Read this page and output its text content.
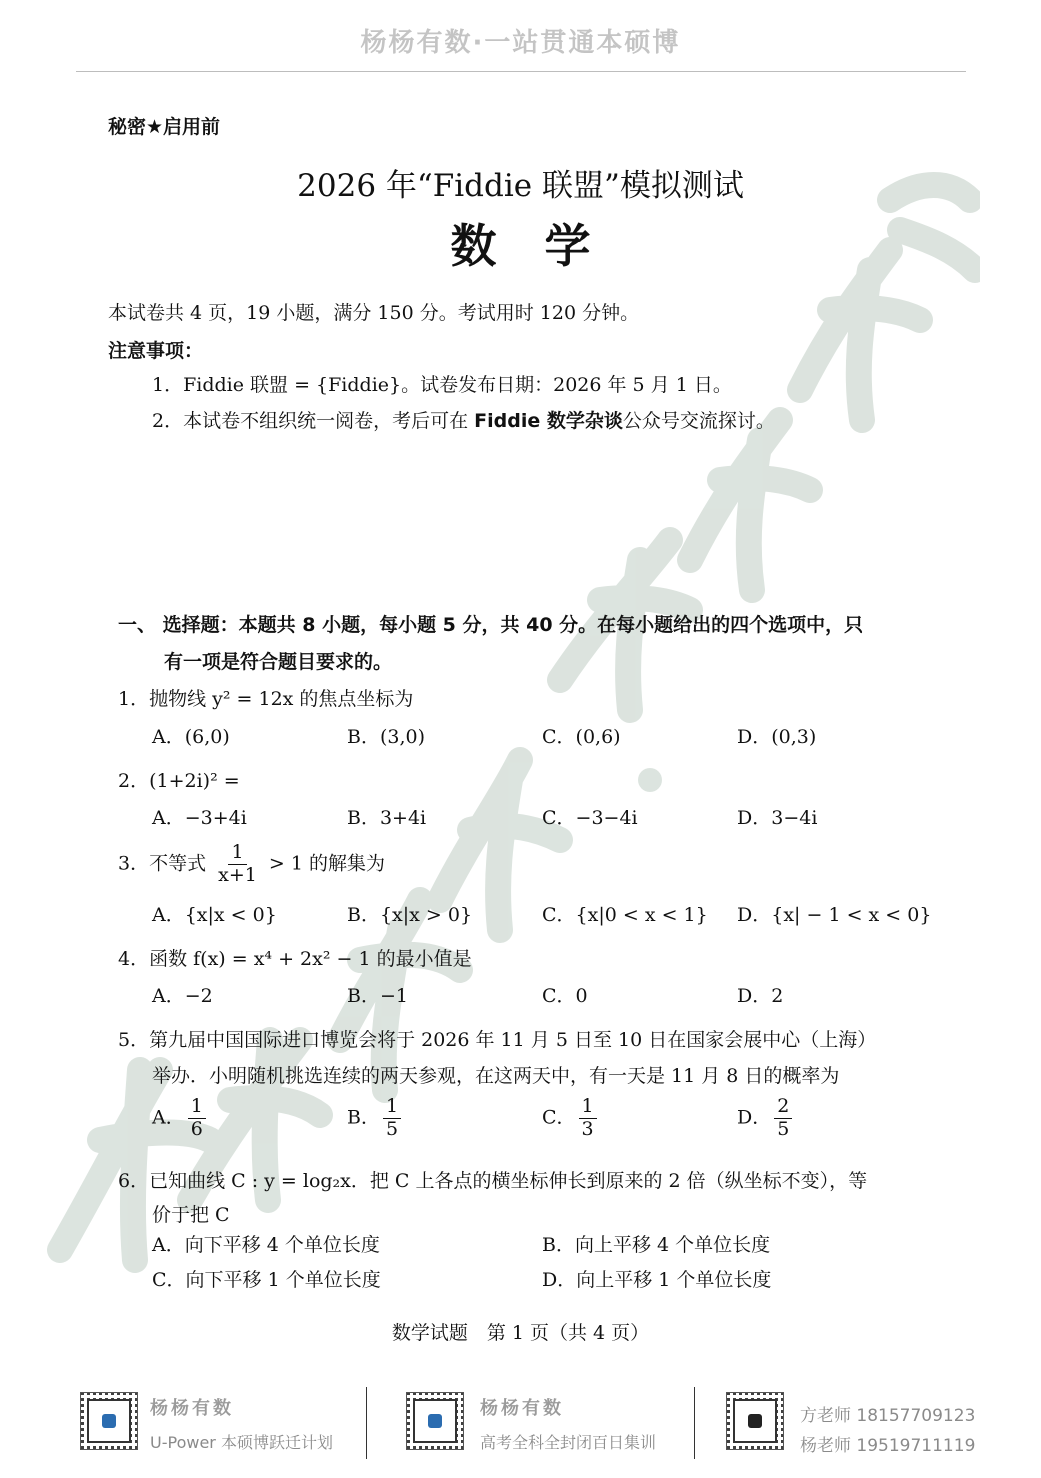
杨杨有数·一站贯通本硕博
秘密★启用前
2026 年“Fiddie 联盟”模拟测试
数学
本试卷共 4 页，19 小题，满分 150 分。考试用时 120 分钟。
注意事项：
1．Fiddie 联盟 = {Fiddie}。试卷发布日期：2026 年 5 月 1 日。
2．本试卷不组织统一阅卷，考后可在 Fiddie 数学杂谈公众号交流探讨。
一、 选择题：本题共 8 小题，每小题 5 分，共 40 分。在每小题给出的四个选项中，只
有一项是符合题目要求的。
1．抛物线 y² = 12x 的焦点坐标为
A．(6,0)	B．(3,0)	C．(0,6)	D．(0,3)
2．(1+2i)² =
A．−3+4i	B．3+4i	C．−3−4i	D．3−4i
3．不等式 $\frac{1}{x+1} > 1$ 的解集为
A．{x|x < 0}	B．{x|x > 0}	C．{x|0 < x < 1} D．{x| − 1 < x < 0}
4．函数 f(x) = x⁴ + 2x² − 1 的最小值是
A．−2	B．−1	C．0	D．2
5．第九届中国国际进口博览会将于 2026 年 11 月 5 日至 10 日在国家会展中心（上海）
举办．小明随机挑选连续的两天参观，在这两天中，有一天是 11 月 8 日的概率为
A． $\frac{1}{6}$	B． $\frac{1}{5}$	C． $\frac{1}{3}$	D． $\frac{2}{5}$
6．已知曲线 C : y = log₂x．把 C 上各点的横坐标伸长到原来的 2 倍（纵坐标不变），等
价于把 C
A．向下平移 4 个单位长度	B．向上平移 4 个单位长度
C．向下平移 1 个单位长度	D．向上平移 1 个单位长度
数学试题　第 1 页（共 4 页）
杨杨有数
U-Power 本硕博跃迁计划
杨杨有数
高考全科全封闭百日集训
方老师 18157709123
杨老师 19519711119
